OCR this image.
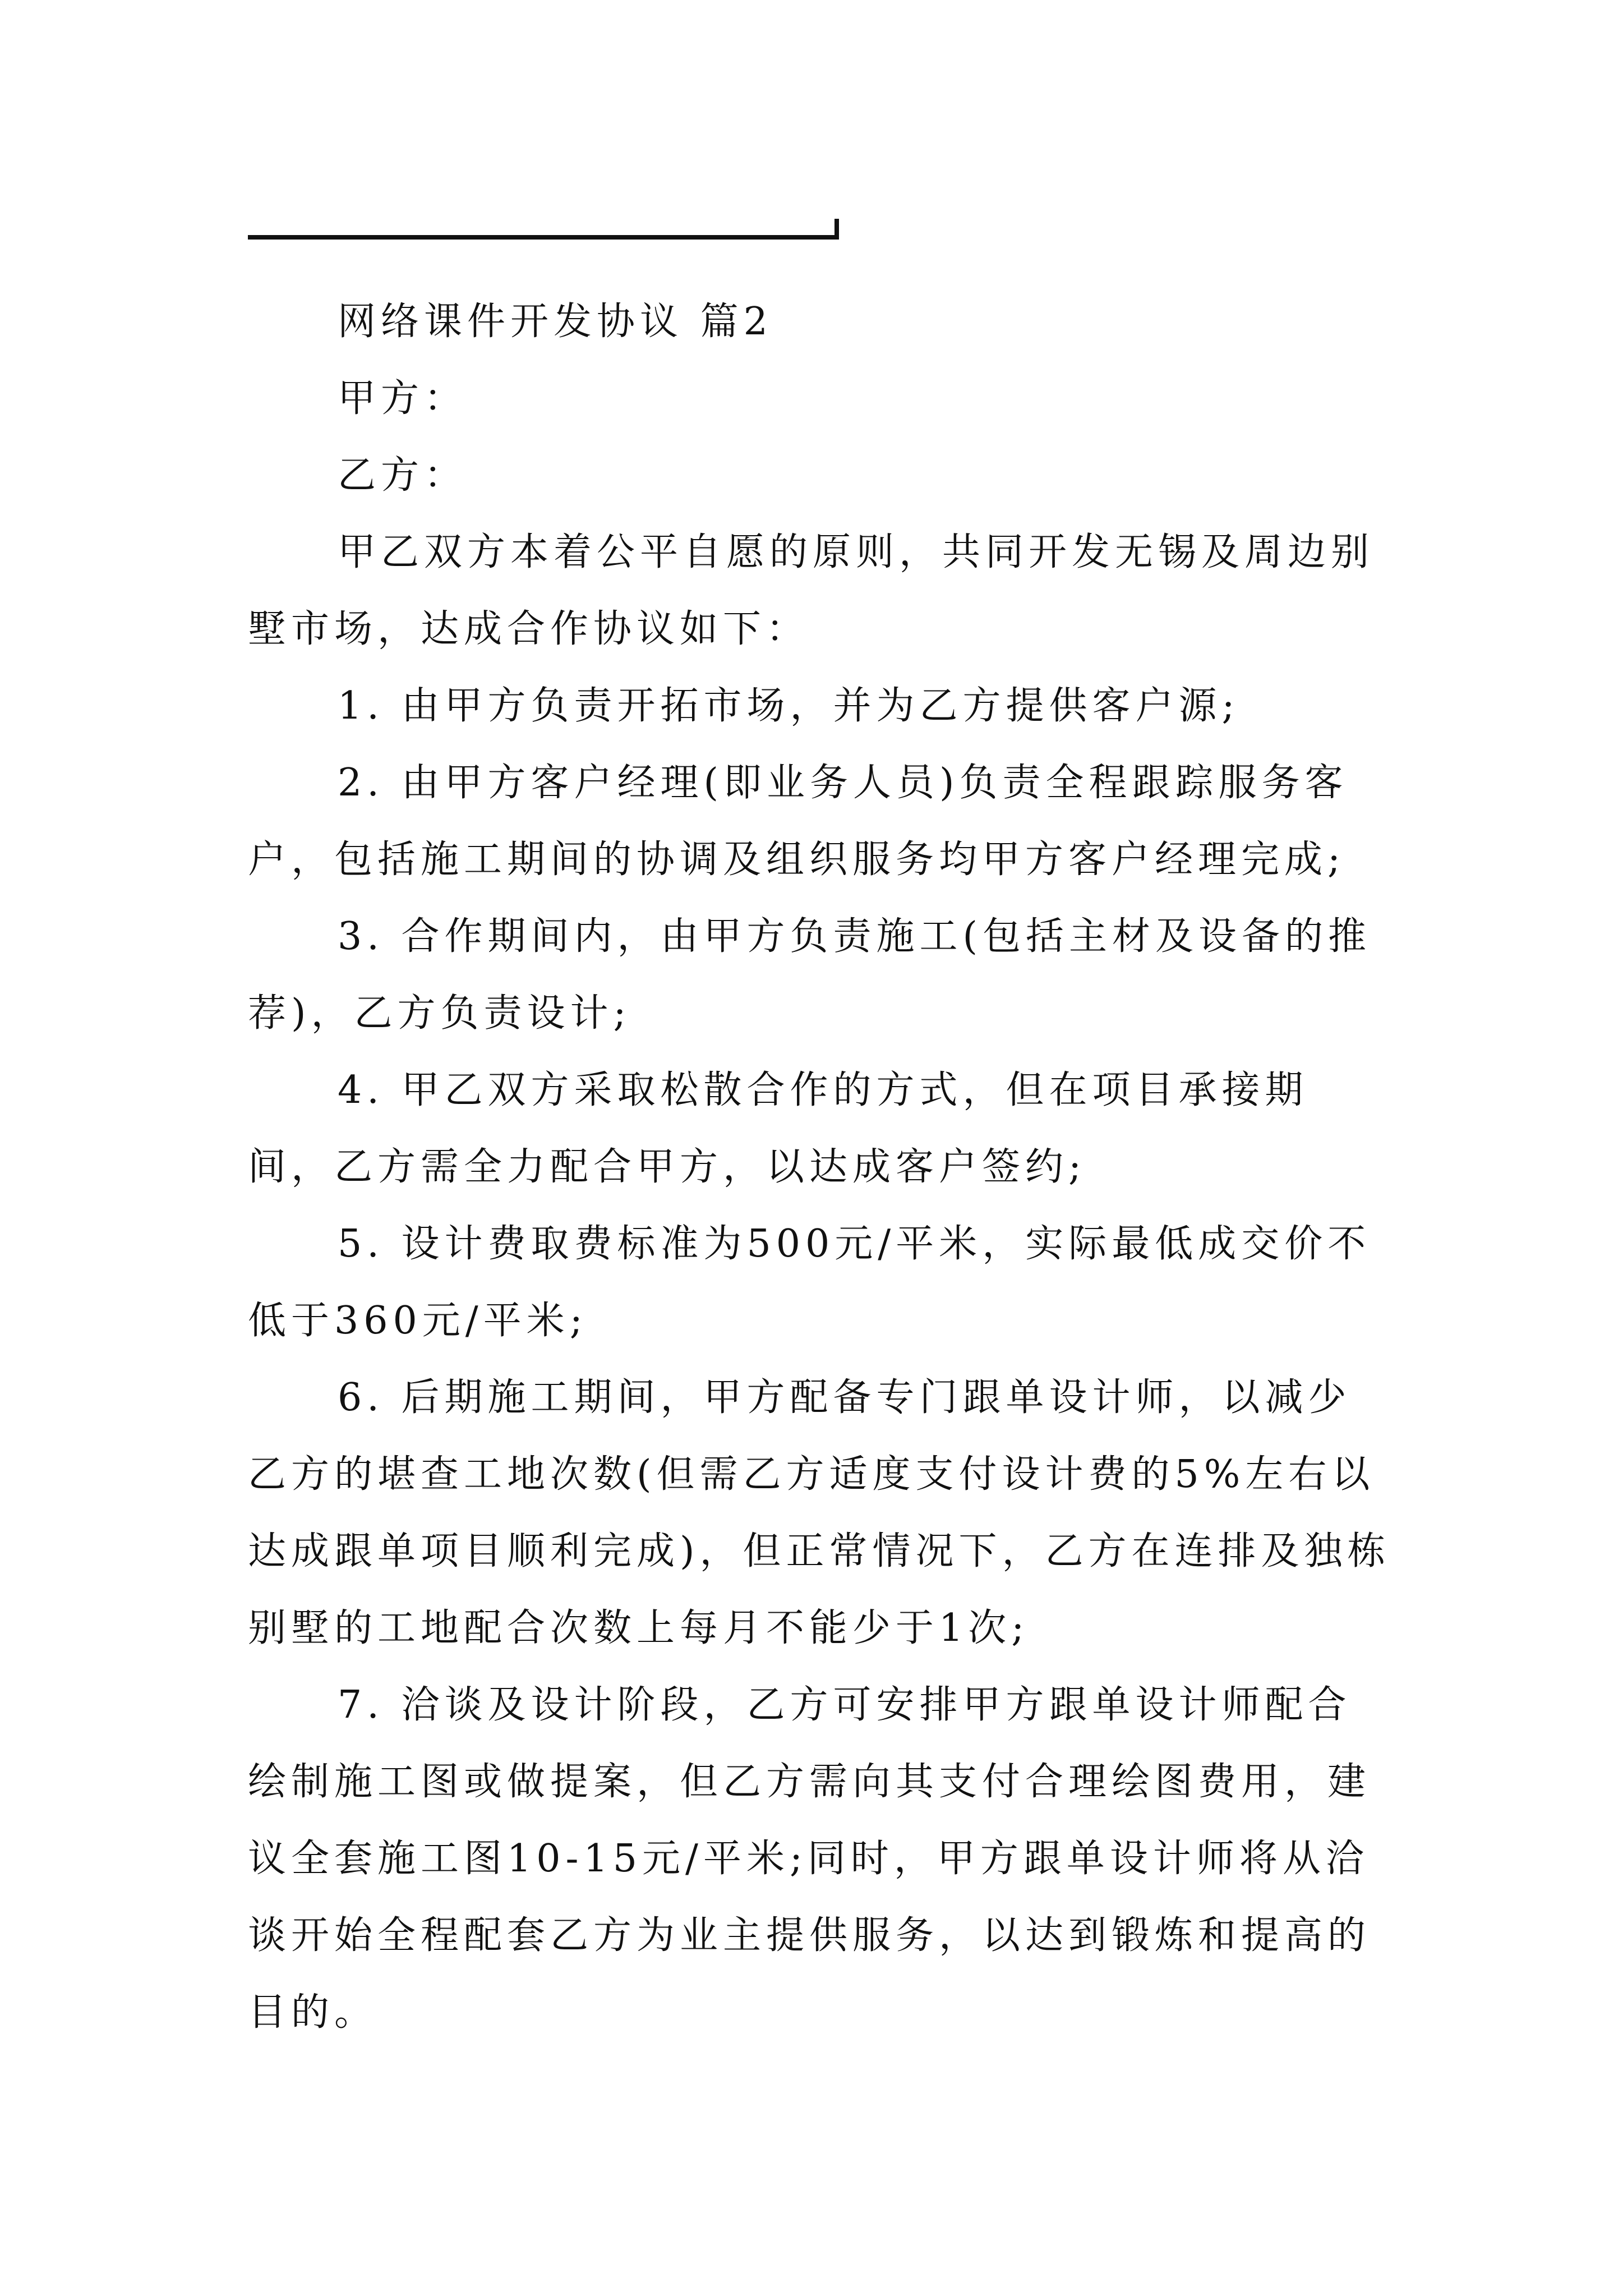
网络课件开发协议 篇2

甲方：

乙方：

甲乙双方本着公平自愿的原则，共同开发无锡及周边别墅市场，达成合作协议如下：

1. 由甲方负责开拓市场，并为乙方提供客户源;

2. 由甲方客户经理(即业务人员)负责全程跟踪服务客户，包括施工期间的协调及组织服务均甲方客户经理完成;

3. 合作期间内，由甲方负责施工(包括主材及设备的推荐)，乙方负责设计;

4. 甲乙双方采取松散合作的方式，但在项目承接期间，乙方需全力配合甲方，以达成客户签约;

5. 设计费取费标准为500元/平米，实际最低成交价不低于360元/平米;

6. 后期施工期间，甲方配备专门跟单设计师，以减少乙方的堪查工地次数(但需乙方适度支付设计费的5%左右以达成跟单项目顺利完成)，但正常情况下，乙方在连排及独栋别墅的工地配合次数上每月不能少于1次;

7. 洽谈及设计阶段，乙方可安排甲方跟单设计师配合绘制施工图或做提案，但乙方需向其支付合理绘图费用，建议全套施工图10-15元/平米;同时，甲方跟单设计师将从洽谈开始全程配套乙方为业主提供服务，以达到锻炼和提高的目的。
